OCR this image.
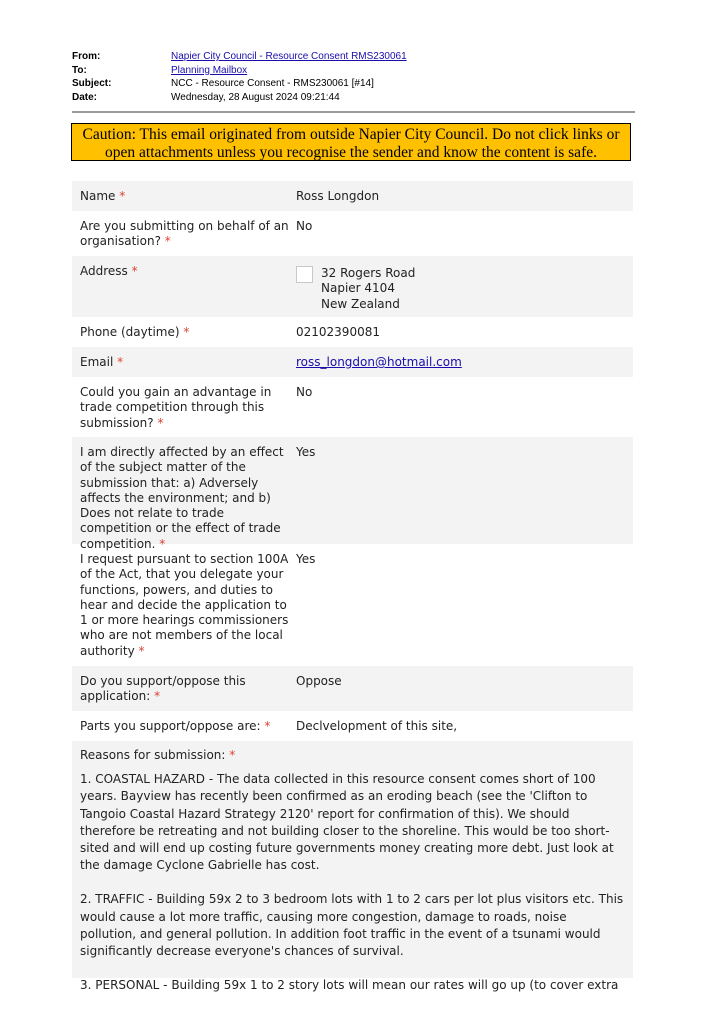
From:	Napier City Council - Resource Consent RMS230061
To:	Planning Mailbox
Subject:	NCC - Resource Consent - RMS230061 [#14]
Date:	Wednesday, 28 August 2024 09:21:44
Caution: This email originated from outside Napier City Council. Do not click links or open attachments unless you recognise the sender and know the content is safe.
Name *	Ross Longdon
Are you submitting on behalf of an organisation? *
No
Address *	32 Rogers Road
Napier 4104
New Zealand
Phone (daytime) *	02102390081
Email *	ross_longdon@hotmail.com
Could you gain an advantage in trade competition through this submission? *
No
I am directly affected by an effect of the subject matter of the submission that: a) Adversely affects the environment; and b) Does not relate to trade competition or the effect of trade competition. *
Yes
I request pursuant to section 100A of the Act, that you delegate your functions, powers, and duties to hear and decide the application to 1 or more hearings commissioners who are not members of the local authority *
Yes
Do you support/oppose this application: *
Oppose
Parts you support/oppose are: *	Declvelopment of this site,

Reasons for submission: *

1. COASTAL HAZARD - The data collected in this resource consent comes short of 100 years. Bayview has recently been confirmed as an eroding beach (see the 'Clifton to Tangoio Coastal Hazard Strategy 2120' report for confirmation of this). We should therefore be retreating and not building closer to the shoreline. This would be too short-sited and will end up costing future governments money creating more debt. Just look at the damage Cyclone Gabrielle has cost.

2. TRAFFIC - Building 59x 2 to 3 bedroom lots with 1 to 2 cars per lot plus visitors etc. This would cause a lot more traffic, causing more congestion, damage to roads, noise pollution, and general pollution. In addition foot traffic in the event of a tsunami would significantly decrease everyone's chances of survival.

3. PERSONAL - Building 59x 1 to 2 story lots will mean our rates will go up (to cover extra
